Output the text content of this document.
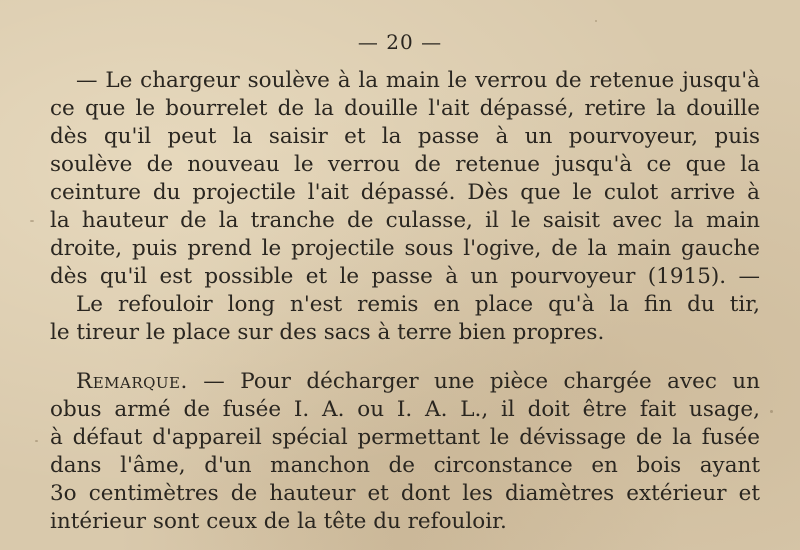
— 20 —
— Le chargeur soulève à la main le verrou de retenue jusqu'à
ce que le bourrelet de la douille l'ait dépassé, retire la douille
dès qu'il peut la saisir et la passe à un pourvoyeur, puis
soulève de nouveau le verrou de retenue jusqu'à ce que la
ceinture du projectile l'ait dépassé. Dès que le culot arrive à
la hauteur de la tranche de culasse, il le saisit avec la main
droite, puis prend le projectile sous l'ogive, de la main gauche
dès qu'il est possible et le passe à un pourvoyeur (1915). —
Le refouloir long n'est remis en place qu'à la fin du tir,
le tireur le place sur des sacs à terre bien propres.
Remarque. — Pour décharger une pièce chargée avec un
obus armé de fusée I. A. ou I. A. L., il doit être fait usage,
à défaut d'appareil spécial permettant le dévissage de la fusée
dans l'âme, d'un manchon de circonstance en bois ayant
3o centimètres de hauteur et dont les diamètres extérieur et
intérieur sont ceux de la tête du refouloir.
